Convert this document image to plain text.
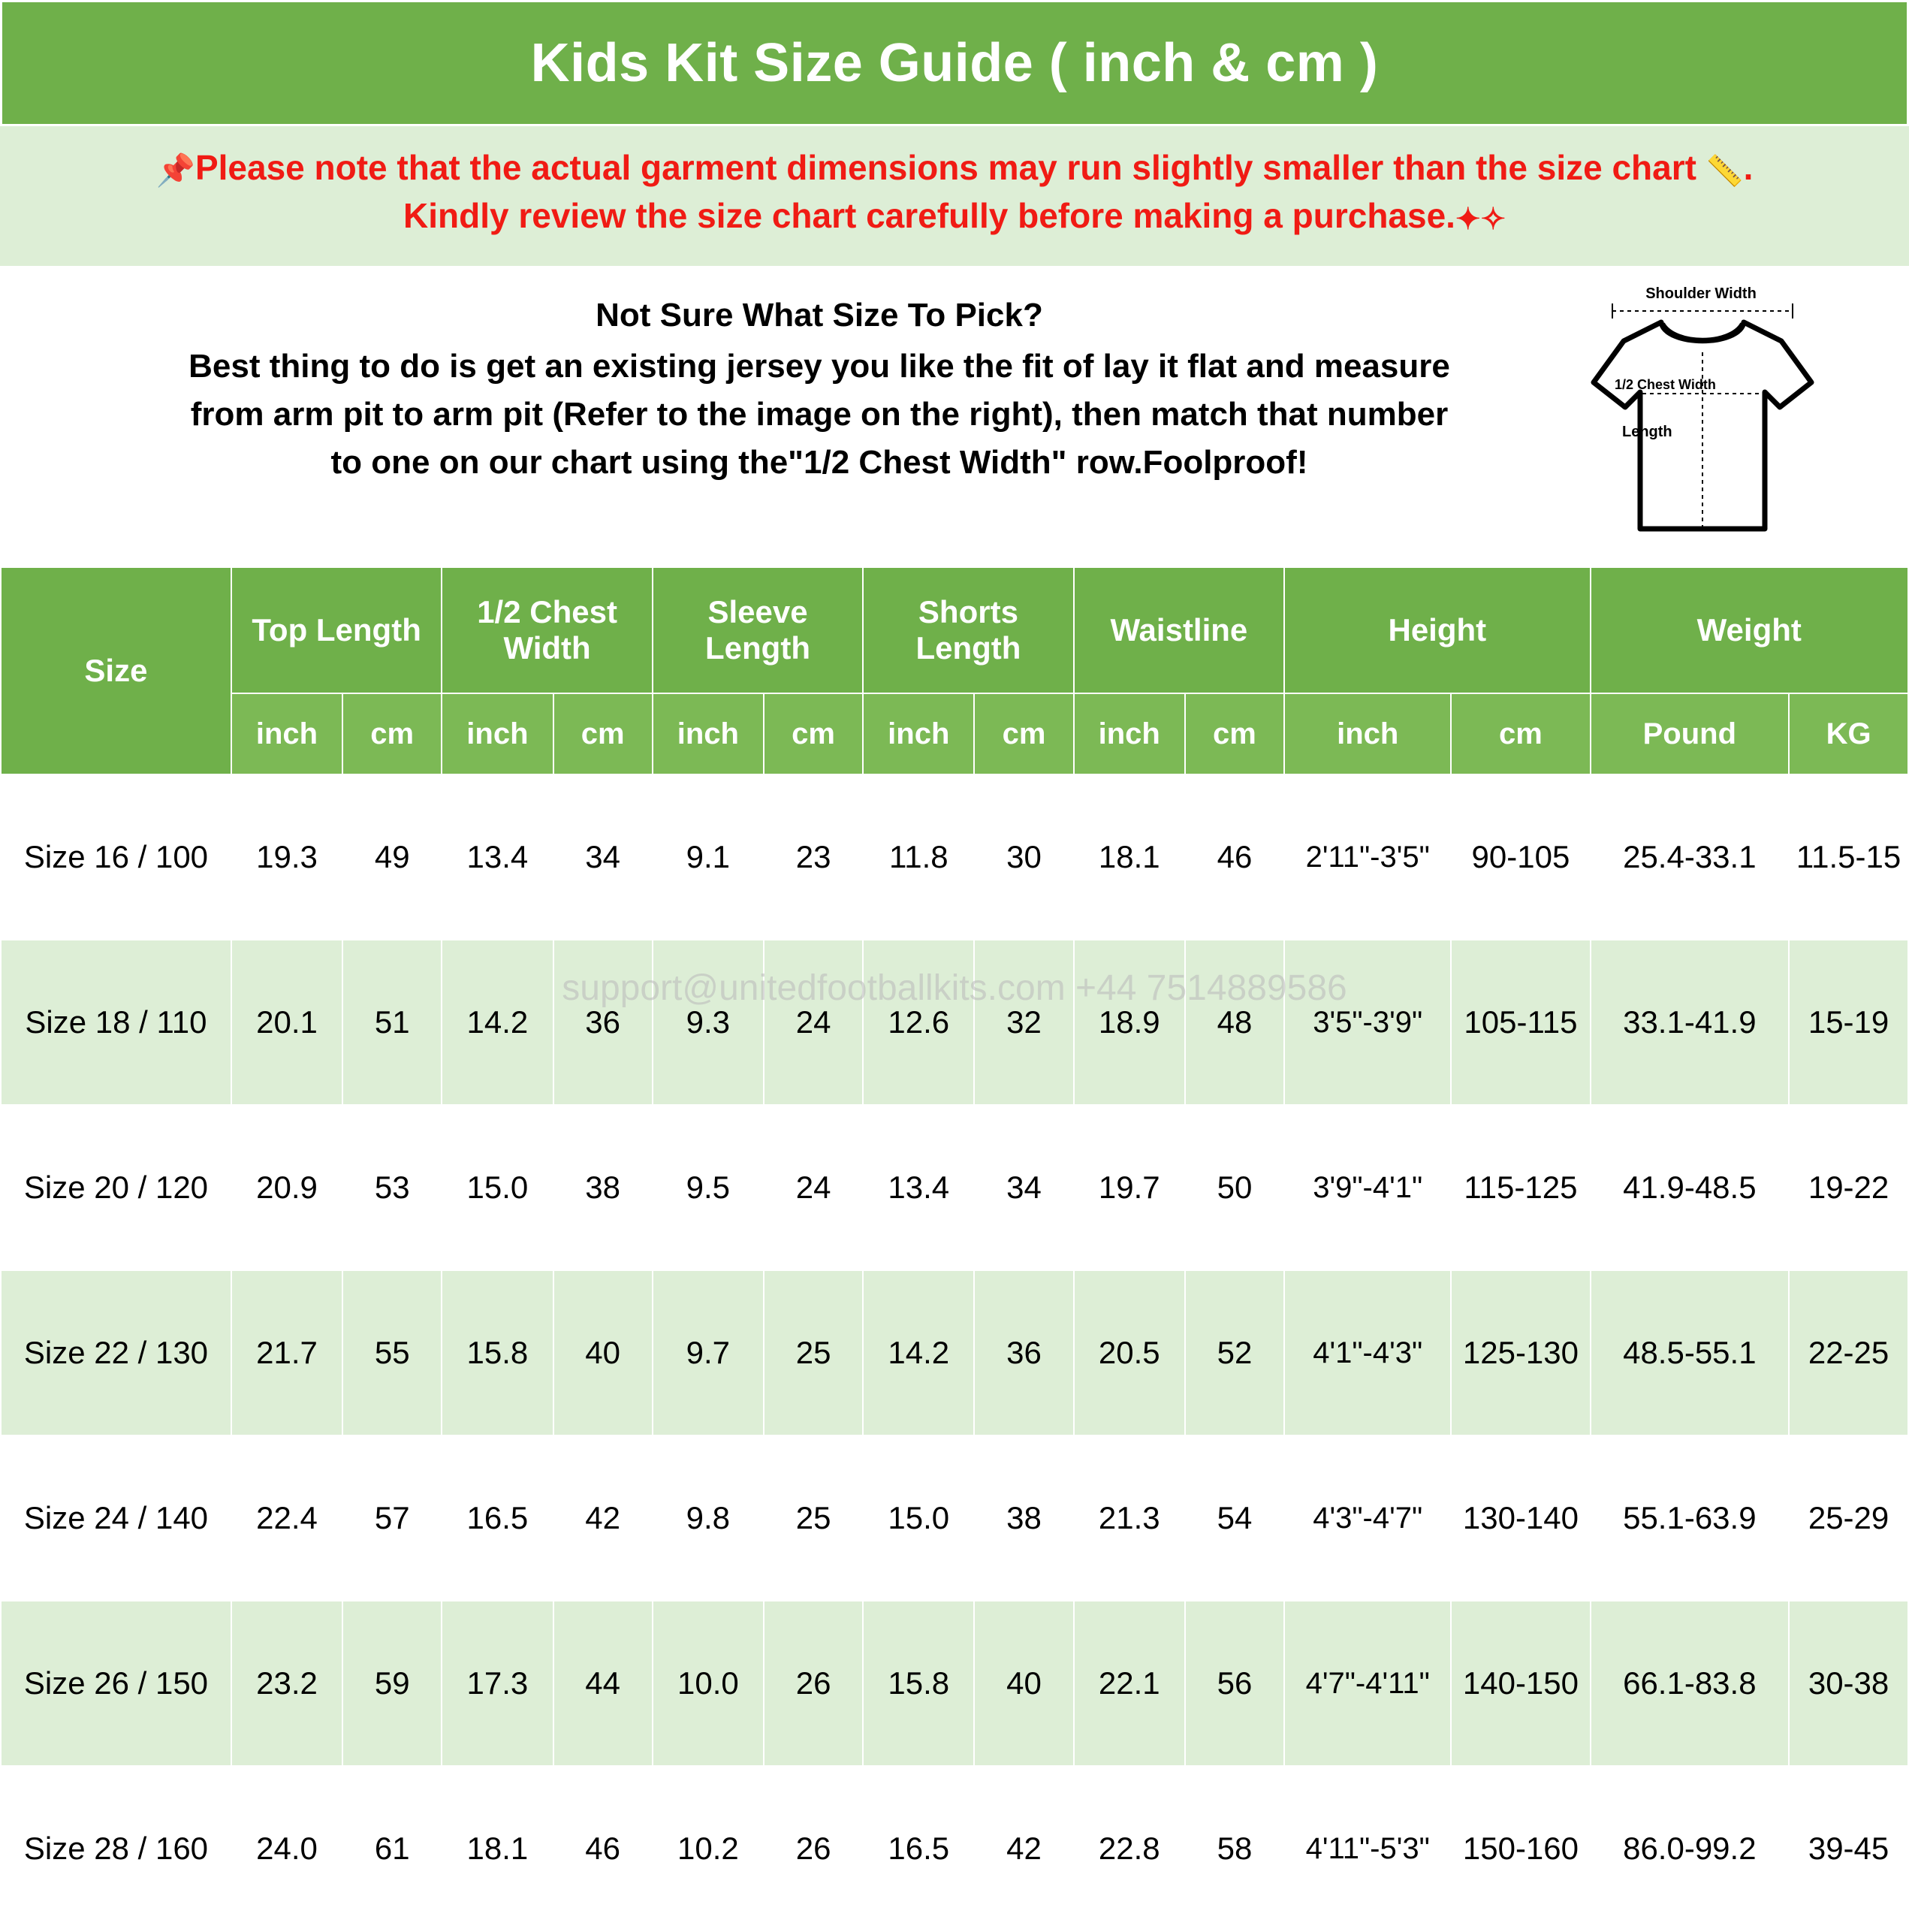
Kids Kit Size Guide ( inch & cm )
📌Please note that the actual garment dimensions may run slightly smaller than the size chart 📏.
Kindly review the size chart carefully before making a purchase.✦✧
Not Sure What Size To Pick?
Best thing to do is get an existing jersey you like the fit of lay it flat and measure
from arm pit to arm pit (Refer to the image on the right), then match that number
to one on our chart using the"1/2 Chest Width" row.Foolproof!
Shoulder Width
1/2 Chest Width
Length
Size	Top Length		1/2 Chest Width		Sleeve Length		Shorts Length		Waistline		Height		Weight	
	inch	cm	inch	cm	inch	cm	inch	cm	inch	cm	inch	cm	Pound	KG
Size 16 / 100	19.3	49	13.4	34	9.1	23	11.8	30	18.1	46	2'11"-3'5"	90-105	25.4-33.1	11.5-15
Size 18 / 110	20.1	51	14.2	36	9.3	24	12.6	32	18.9	48	3'5"-3'9"	105-115	33.1-41.9	15-19
Size 20 / 120	20.9	53	15.0	38	9.5	24	13.4	34	19.7	50	3'9"-4'1"	115-125	41.9-48.5	19-22
Size 22 / 130	21.7	55	15.8	40	9.7	25	14.2	36	20.5	52	4'1"-4'3"	125-130	48.5-55.1	22-25
Size 24 / 140	22.4	57	16.5	42	9.8	25	15.0	38	21.3	54	4'3"-4'7"	130-140	55.1-63.9	25-29
Size 26 / 150	23.2	59	17.3	44	10.0	26	15.8	40	22.1	56	4'7"-4'11"	140-150	66.1-83.8	30-38
Size 28 / 160	24.0	61	18.1	46	10.2	26	16.5	42	22.8	58	4'11"-5'3"	150-160	86.0-99.2	39-45
support@unitedfootballkits.com +44 7514889586
